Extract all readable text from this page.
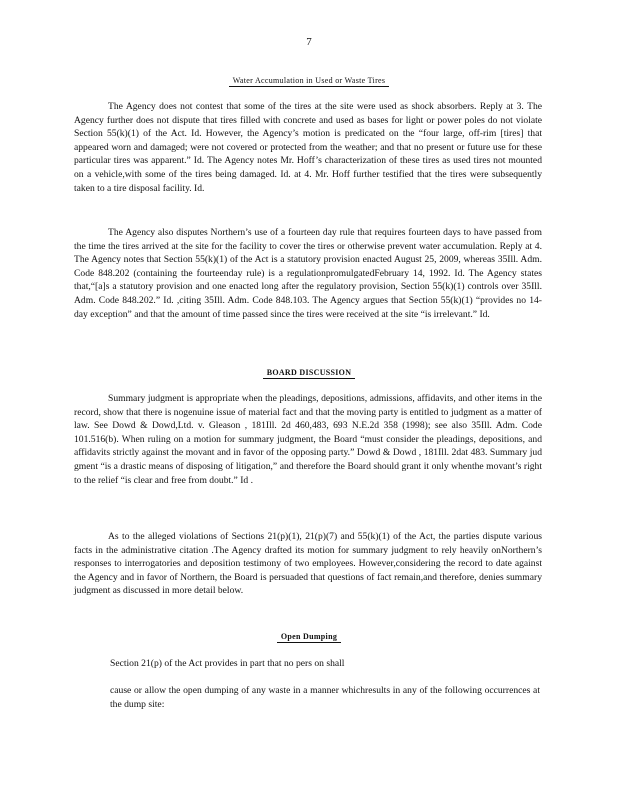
7
Water Accumulation in Used or Waste Tires

The Agency does not contest that some of the tires at the site were used as shock absorbers. Reply at 3. The Agency further does not dispute that tires filled with concrete and used as bases for light or power poles do not violate Section 55(k)(1) of the Act. Id. However, the Agency’s motion is predicated on the “four large, off-rim [tires] that appeared worn and damaged; were not covered or protected from the weather; and that no present or future use for these particular tires was apparent.” Id. The Agency notes Mr. Hoff’s characterization of these tires as used tires not mounted on a vehicle,with some of the tires being damaged. Id. at 4. Mr. Hoff further testified that the tires were subsequently taken to a tire disposal facility. Id.

The Agency also disputes Northern’s use of a fourteen day rule that requires fourteen days to have passed from the time the tires arrived at the site for the facility to cover the tires or otherwise prevent water accumulation. Reply at 4. The Agency notes that Section 55(k)(1) of the Act is a statutory provision enacted August 25, 2009, whereas 35Ill. Adm. Code 848.202 (containing the fourteenday rule) is a regulationpromulgatedFebruary 14, 1992. Id. The Agency states that,“[a]s a statutory provision and one enacted long after the regulatory provision, Section 55(k)(1) controls over 35Ill. Adm. Code 848.202.” Id. ,citing 35Ill. Adm. Code 848.103. The Agency argues that Section 55(k)(1) “provides no 14-day exception” and that the amount of time passed since the tires were received at the site “is irrelevant.” Id.

BOARD DISCUSSION

Summary judgment is appropriate when the pleadings, depositions, admissions, affidavits, and other items in the record, show that there is nogenuine issue of material fact and that the moving party is entitled to judgment as a matter of law. See Dowd & Dowd,Ltd. v. Gleason , 181Ill. 2d 460,483, 693 N.E.2d 358 (1998); see also 35Ill. Adm. Code 101.516(b). When ruling on a motion for summary judgment, the Board “must consider the pleadings, depositions, and affidavits strictly against the movant and in favor of the opposing party.” Dowd & Dowd , 181Ill. 2dat 483. Summary jud gment “is a drastic means of disposing of litigation,” and therefore the Board should grant it only whenthe movant’s right to the relief “is clear and free from doubt.” Id .

As to the alleged violations of Sections 21(p)(1), 21(p)(7) and 55(k)(1) of the Act, the parties dispute various facts in the administrative citation .The Agency drafted its motion for summary judgment to rely heavily onNorthern’s responses to interrogatories and deposition testimony of two employees. However,considering the record to date against the Agency and in favor of Northern, the Board is persuaded that questions of fact remain,and therefore, denies summary judgment as discussed in more detail below.

Open Dumping

Section 21(p) of the Act provides in part that no pers on shall

cause or allow the open dumping of any waste in a manner whichresults in any of the following occurrences at the dump site:
